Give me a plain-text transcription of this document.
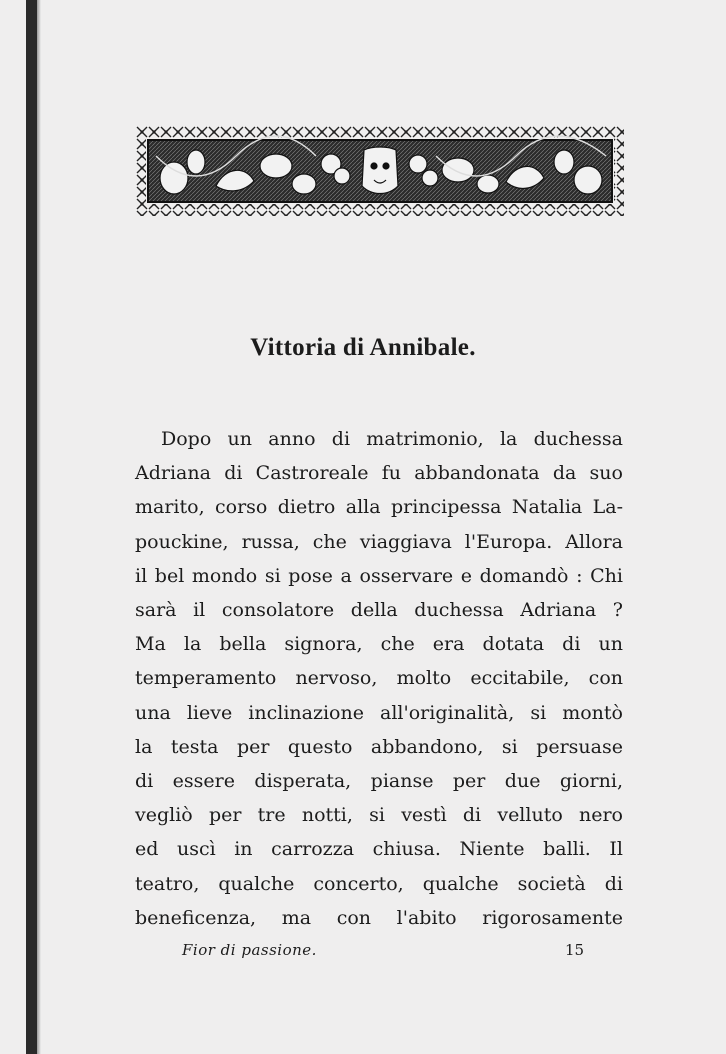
Vittoria di Annibale.

Dopo un anno di matrimonio, la duchessa
Adriana di Castroreale fu abbandonata da suo
marito, corso dietro alla principessa Natalia La-
pouckine, russa, che viaggiava l'Europa. Allora
il bel mondo si pose a osservare e domandò : Chi
sarà il consolatore della duchessa Adriana ?
Ma la bella signora, che era dotata di un
temperamento nervoso, molto eccitabile, con
una lieve inclinazione all'originalità, si montò
la testa per questo abbandono, si persuase
di essere disperata, pianse per due giorni,
vegliò per tre notti, si vestì di velluto nero
ed uscì in carrozza chiusa. Niente balli. Il
teatro, qualche concerto, qualche società di
beneficenza, ma con l'abito rigorosamente

Fior di passione.	15
